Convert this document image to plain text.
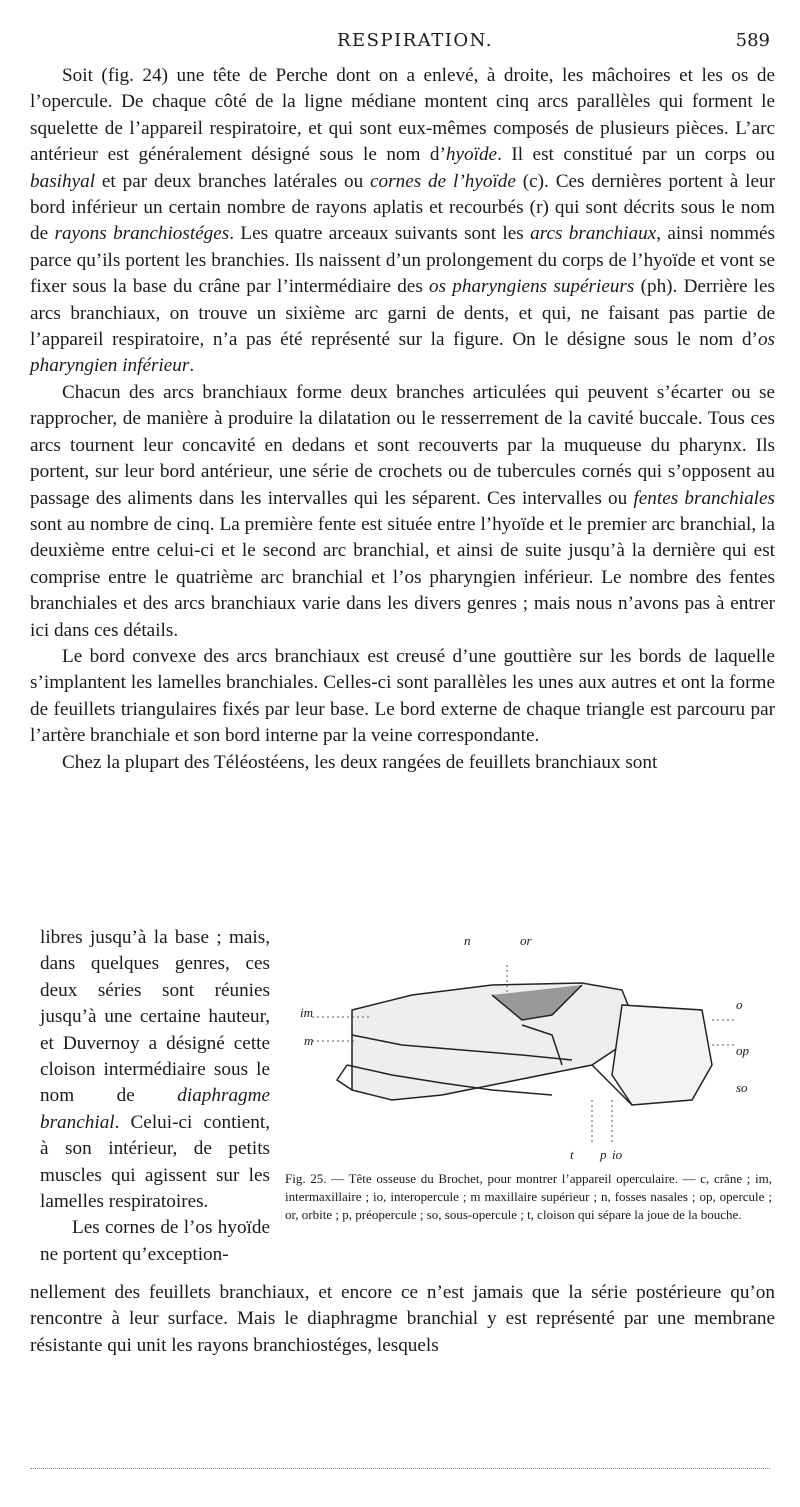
RESPIRATION.	589

Soit (fig. 24) une tête de Perche dont on a enlevé, à droite, les mâchoires et les os de l’opercule. De chaque côté de la ligne médiane montent cinq arcs parallèles qui forment le squelette de l’appareil respiratoire, et qui sont eux-mêmes composés de plusieurs pièces. L’arc antérieur est généralement désigné sous le nom d’hyoïde. Il est constitué par un corps ou basihyal et par deux branches latérales ou cornes de l’hyoïde (c). Ces dernières portent à leur bord inférieur un certain nombre de rayons aplatis et recourbés (r) qui sont décrits sous le nom de rayons branchiostéges. Les quatre arceaux suivants sont les arcs branchiaux, ainsi nommés parce qu’ils portent les branchies. Ils naissent d’un prolongement du corps de l’hyoïde et vont se fixer sous la base du crâne par l’intermédiaire des os pharyngiens supérieurs (ph). Derrière les arcs branchiaux, on trouve un sixième arc garni de dents, et qui, ne faisant pas partie de l’appareil respiratoire, n’a pas été représenté sur la figure. On le désigne sous le nom d’os pharyngien inférieur.

Chacun des arcs branchiaux forme deux branches articulées qui peuvent s’écarter ou se rapprocher, de manière à produire la dilatation ou le resserrement de la cavité buccale. Tous ces arcs tournent leur concavité en dedans et sont recouverts par la muqueuse du pharynx. Ils portent, sur leur bord antérieur, une série de crochets ou de tubercules cornés qui s’opposent au passage des aliments dans les intervalles qui les séparent. Ces intervalles ou fentes branchiales sont au nombre de cinq. La première fente est située entre l’hyoïde et le premier arc branchial, la deuxième entre celui-ci et le second arc branchial, et ainsi de suite jusqu’à la dernière qui est comprise entre le quatrième arc branchial et l’os pharyngien inférieur. Le nombre des fentes branchiales et des arcs branchiaux varie dans les divers genres ; mais nous n’avons pas à entrer ici dans ces détails.

Le bord convexe des arcs branchiaux est creusé d’une gouttière sur les bords de laquelle s’implantent les lamelles branchiales. Celles-ci sont parallèles les unes aux autres et ont la forme de feuillets triangulaires fixés par leur base. Le bord externe de chaque triangle est parcouru par l’artère branchiale et son bord interne par la veine correspondante.

Chez la plupart des Téléostéens, les deux rangées de feuillets branchiaux sont

libres jusqu’à la base ; mais, dans quelques genres, ces deux séries sont réunies jusqu’à une certaine hauteur, et Duvernoy a désigné cette cloison intermédiaire sous le nom de diaphragme branchial. Celui-ci contient, à son intérieur, de petits muscles qui agissent sur les lamelles respiratoires.

Les cornes de l’os hyoïde ne portent qu’exception-

n	or
im
m
o
op
so
t p io

Fig. 25. — Tête osseuse du Brochet, pour montrer l’appareil operculaire. — c, crâne ; im, intermaxillaire ; io, interopercule ; m maxillaire supérieur ; n, fosses nasales ; op, opercule ; or, orbite ; p, préopercule ; so, sous-opercule ; t, cloison qui sépare la joue de la bouche.

nellement des feuillets branchiaux, et encore ce n’est jamais que la série postérieure qu’on rencontre à leur surface. Mais le diaphragme branchial y est représenté par une membrane résistante qui unit les rayons branchiostéges, lesquels
